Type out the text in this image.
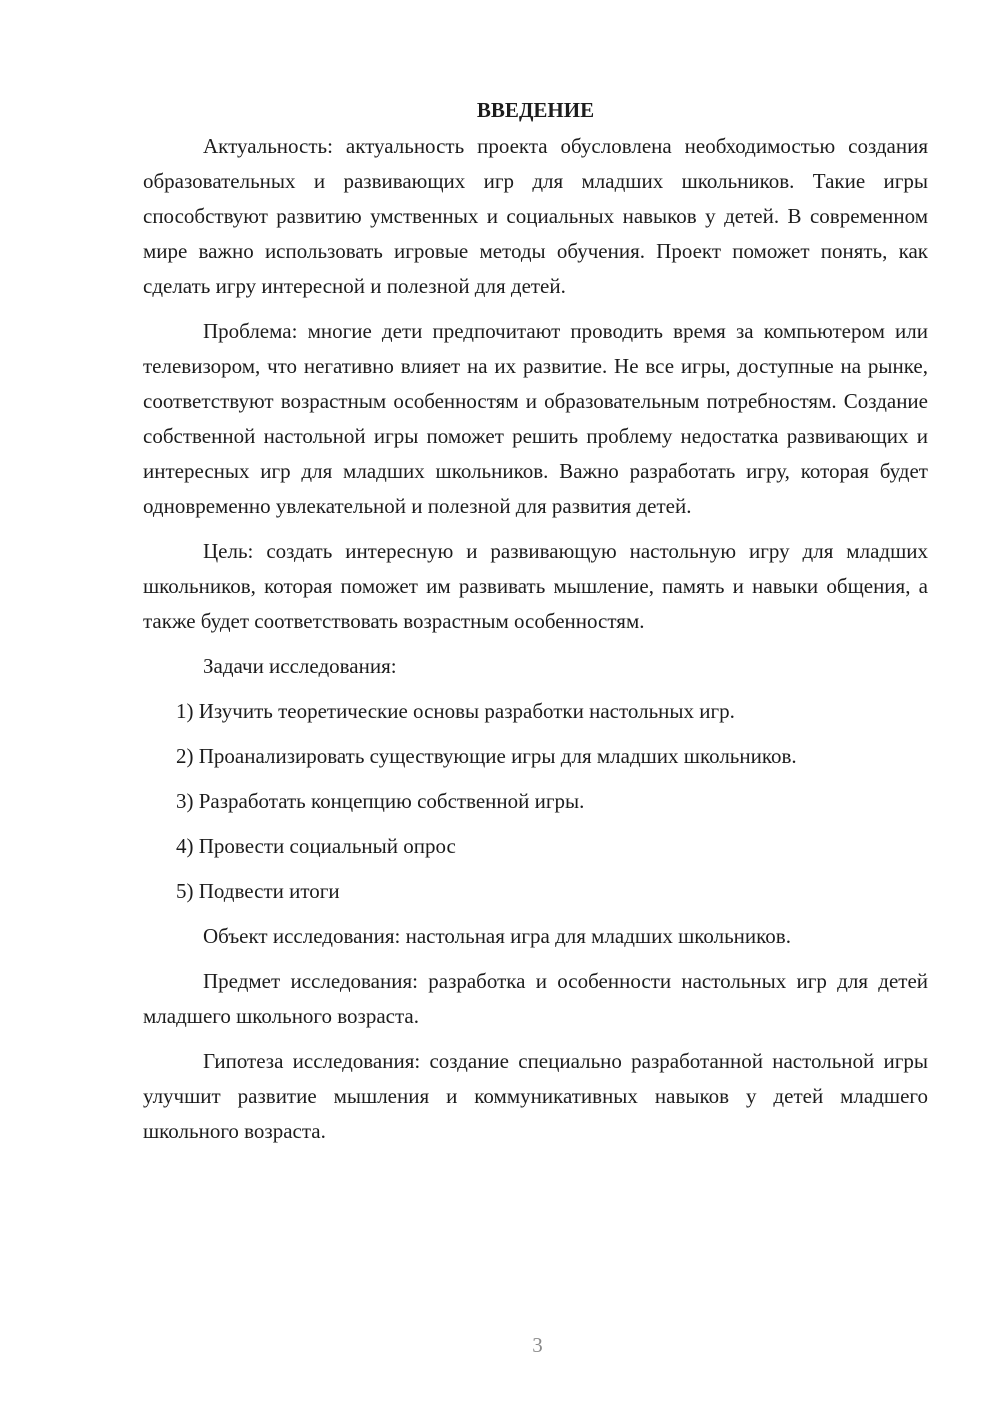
ВВЕДЕНИЕ

Актуальность: актуальность проекта обусловлена необходимостью создания образовательных и развивающих игр для младших школьников. Такие игры способствуют развитию умственных и социальных навыков у детей. В современном мире важно использовать игровые методы обучения. Проект поможет понять, как сделать игру интересной и полезной для детей.

Проблема: многие дети предпочитают проводить время за компьютером или телевизором, что негативно влияет на их развитие. Не все игры, доступные на рынке, соответствуют возрастным особенностям и образовательным потребностям. Создание собственной настольной игры поможет решить проблему недостатка развивающих и интересных игр для младших школьников. Важно разработать игру, которая будет одновременно увлекательной и полезной для развития детей.

Цель: создать интересную и развивающую настольную игру для младших школьников, которая поможет им развивать мышление, память и навыки общения, а также будет соответствовать возрастным особенностям.

Задачи исследования:

1) Изучить теоретические основы разработки настольных игр.
2) Проанализировать существующие игры для младших школьников.
3) Разработать концепцию собственной игры.
4) Провести социальный опрос
5) Подвести итоги

Объект исследования: настольная игра для младших школьников.

Предмет исследования: разработка и особенности настольных игр для детей младшего школьного возраста.

Гипотеза исследования: создание специально разработанной настольной игры улучшит развитие мышления и коммуникативных навыков у детей младшего школьного возраста.

3
